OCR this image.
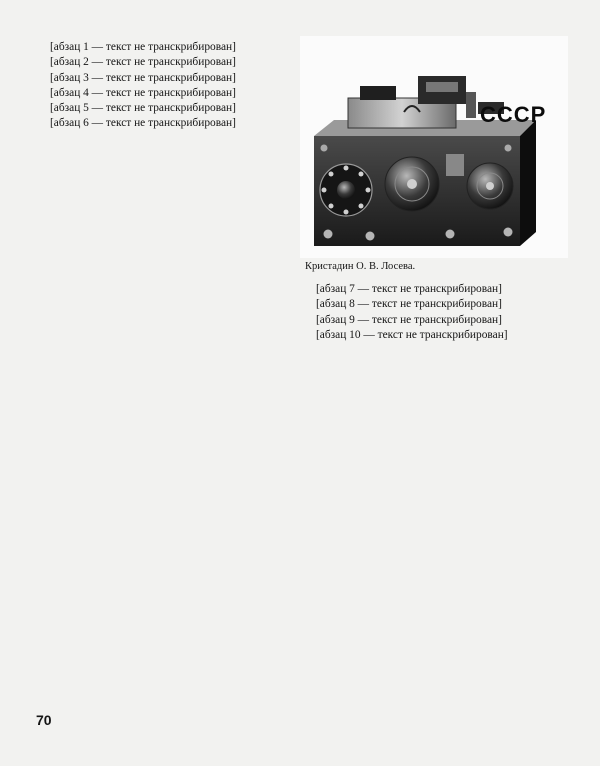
[абзац 1 — текст не транскрибирован]

[абзац 2 — текст не транскрибирован]

[абзац 3 — текст не транскрибирован]

[абзац 4 — текст не транскрибирован]

[абзац 5 — текст не транскрибирован]

[абзац 6 — текст не транскрибирован]	СССР
Кристадин О. В. Лосева.

[абзац 7 — текст не транскрибирован]

[абзац 8 — текст не транскрибирован]

[абзац 9 — текст не транскрибирован]

[абзац 10 — текст не транскрибирован]

70
